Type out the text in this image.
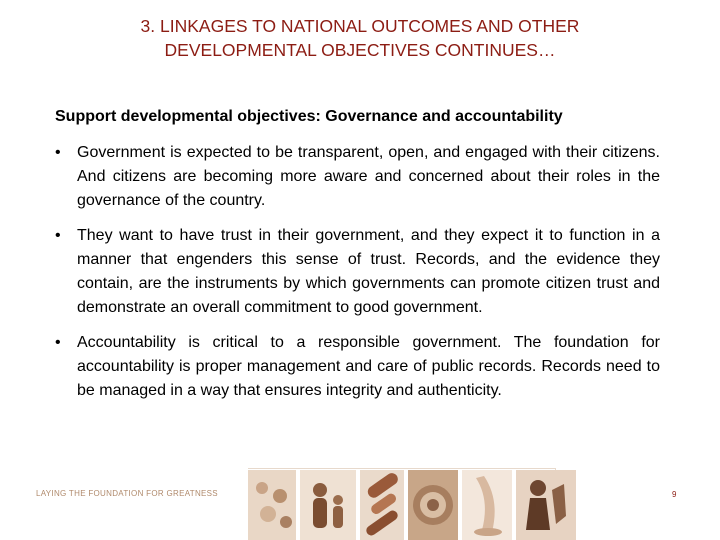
3. LINKAGES TO NATIONAL OUTCOMES AND OTHER
DEVELOPMENTAL OBJECTIVES CONTINUES…
Support developmental objectives: Governance and accountability
•	Government is expected to be transparent, open, and engaged with their citizens. And citizens are becoming more aware and concerned about their roles in the governance of the country.
•	They want to have trust in their government, and they expect it to function in a manner that engenders this sense of trust. Records, and the evidence they contain, are the instruments by which governments can promote citizen trust and demonstrate an overall commitment to good government.
•	Accountability is critical to a responsible government. The foundation for accountability is proper management and care of public records. Records need to be managed in a way that ensures integrity and authenticity.
LAYING THE FOUNDATION FOR GREATNESS	9
